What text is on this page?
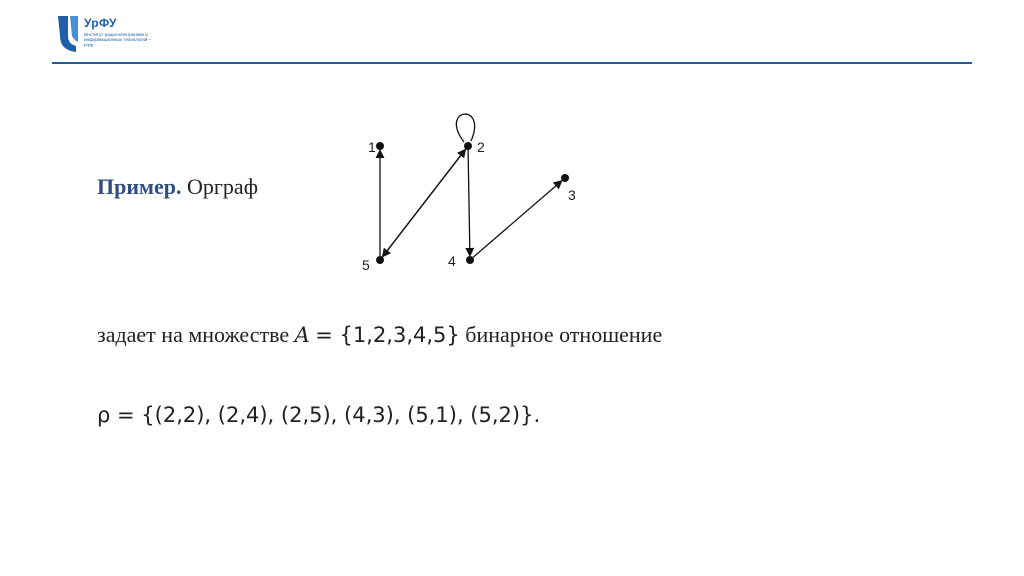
УрФУ
Институт радиоэлектроники и информационных технологий – РТФ
1	2
3
4
5
Пример. Орграф
задает на множестве A = {1,2,3,4,5} бинарное отношение
ρ = {(2,2), (2,4), (2,5), (4,3), (5,1), (5,2)}.
